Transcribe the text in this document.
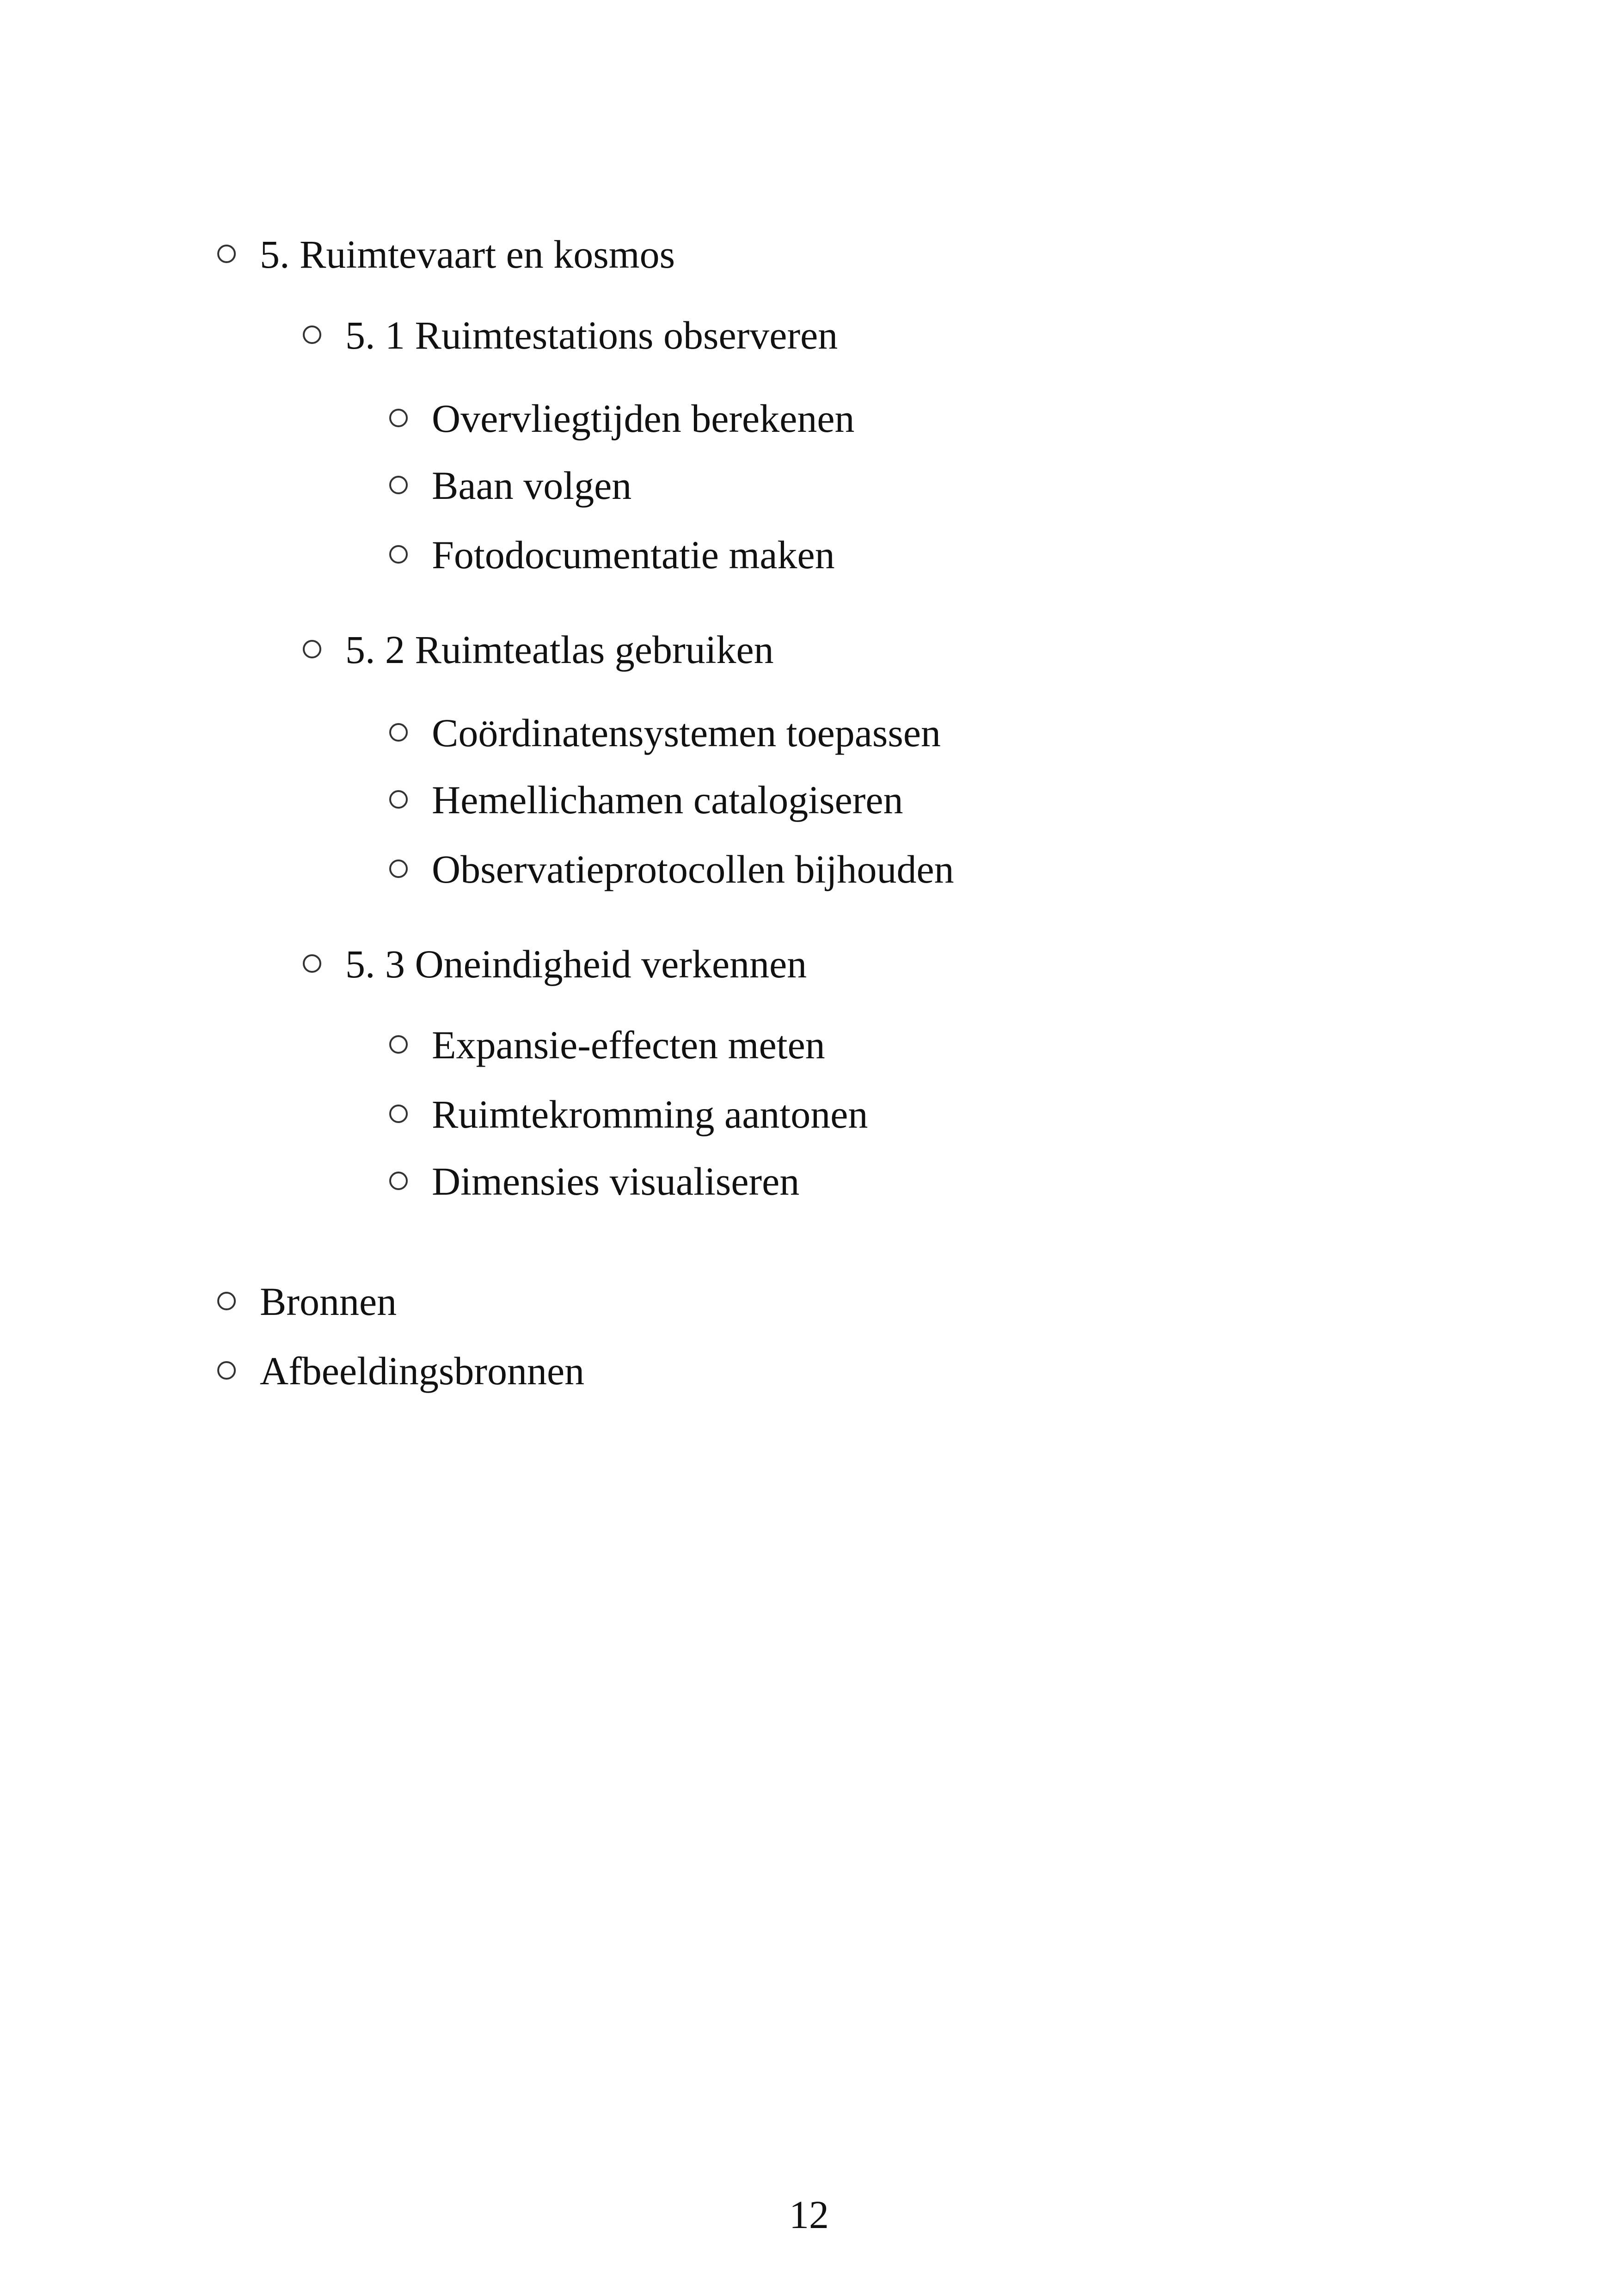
5. Ruimtevaart en kosmos
5. 1 Ruimtestations observeren
Overvliegtijden berekenen
Baan volgen
Fotodocumentatie maken
5. 2 Ruimteatlas gebruiken
Coördinatensystemen toepassen
Hemellichamen catalogiseren
Observatieprotocollen bijhouden
5. 3 Oneindigheid verkennen
Expansie-effecten meten
Ruimtekromming aantonen
Dimensies visualiseren
Bronnen
Afbeeldingsbronnen
12
